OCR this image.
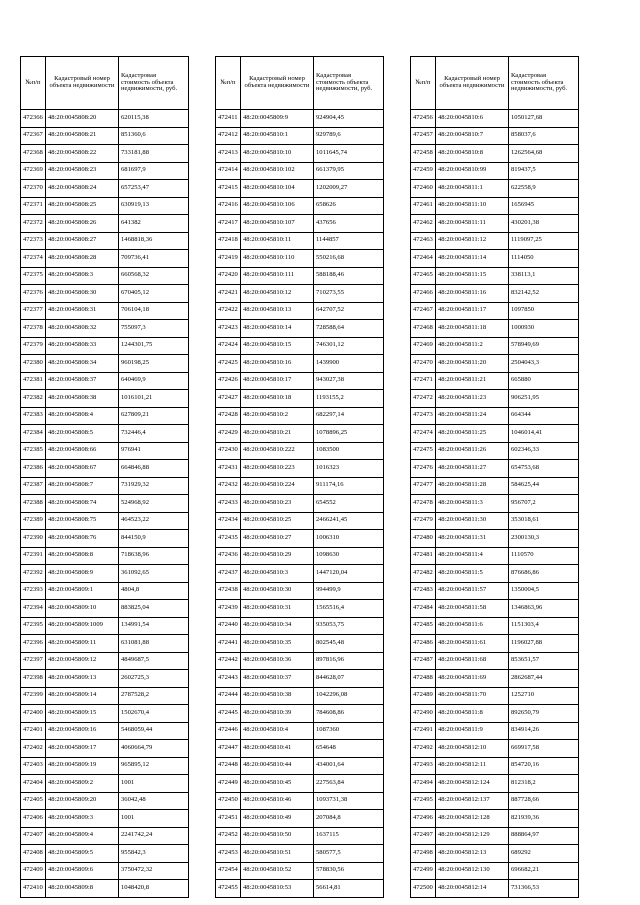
№п/п	Кадастровый номер объекта недвижимости	Кадастровая стоимость объекта недвижимости, руб.
472366	48:20:0045808:20	620115,38
472367	48:20:0045808:21	851360,6
472368	48:20:0045808:22	733181,88
472369	48:20:0045808:23	681697,9
472370	48:20:0045808:24	657253,47
472371	48:20:0045808:25	630919,13
472372	48:20:0045808:26	641382
472373	48:20:0045808:27	1468818,36
472374	48:20:0045808:28	709736,41
472375	48:20:0045808:3	660568,32
472376	48:20:0045808:30	670405,12
472377	48:20:0045808:31	706104,18
472378	48:20:0045808:32	755097,3
472379	48:20:0045808:33	1244301,75
472380	48:20:0045808:34	960198,25
472381	48:20:0045808:37	640469,9
472382	48:20:0045808:38	1016101,21
472383	48:20:0045808:4	627809,21
472384	48:20:0045808:5	732446,4
472385	48:20:0045808:66	976941
472386	48:20:0045808:67	664846,88
472387	48:20:0045808:7	731929,32
472388	48:20:0045808:74	524968,92
472389	48:20:0045808:75	464523,22
472390	48:20:0045808:76	844150,9
472391	48:20:0045808:8	718638,96
472392	48:20:0045808:9	361092,65
472393	48:20:0045809:1	4804,8
472394	48:20:0045809:10	883825,04
472395	48:20:0045809:1009	134991,54
472396	48:20:0045809:11	631081,88
472397	48:20:0045809:12	4849687,5
472398	48:20:0045809:13	2602725,3
472399	48:20:0045809:14	2787528,2
472400	48:20:0045809:15	1502670,4
472401	48:20:0045809:16	5468059,44
472402	48:20:0045809:17	4060664,79
472403	48:20:0045809:19	965895,12
472404	48:20:0045809:2	1001
472405	48:20:0045809:20	36042,48
472406	48:20:0045809:3	1001
472407	48:20:0045809:4	2241742,24
472408	48:20:0045809:5	955842,3
472409	48:20:0045809:6	3750472,32
472410	48:20:0045809:8	1048420,8
№п/п	Кадастровый номер объекта недвижимости	Кадастровая стоимость объекта недвижимости, руб.
472411	48:20:0045809:9	924904,45
472412	48:20:0045810:1	929789,6
472413	48:20:0045810:10	1011645,74
472414	48:20:0045810:102	661379,95
472415	48:20:0045810:104	1202009,27
472416	48:20:0045810:106	658626
472417	48:20:0045810:107	437656
472418	48:20:0045810:11	1144857
472419	48:20:0045810:110	550216,68
472420	48:20:0045810:111	588188,46
472421	48:20:0045810:12	710273,55
472422	48:20:0045810:13	642707,52
472423	48:20:0045810:14	728588,64
472424	48:20:0045810:15	746301,12
472425	48:20:0045810:16	1439900
472426	48:20:0045810:17	943027,38
472427	48:20:0045810:18	1193155,2
472428	48:20:0045810:2	682297,14
472429	48:20:0045810:21	1078896,25
472430	48:20:0045810:222	1083500
472431	48:20:0045810:223	1016323
472432	48:20:0045810:224	911174,16
472433	48:20:0045810:23	654552
472434	48:20:0045810:25	2466241,45
472435	48:20:0045810:27	1006310
472436	48:20:0045810:29	1098630
472437	48:20:0045810:3	1447120,04
472438	48:20:0045810:30	994499,9
472439	48:20:0045810:31	1565516,4
472440	48:20:0045810:34	935053,75
472441	48:20:0045810:35	802545,48
472442	48:20:0045810:36	897816,96
472443	48:20:0045810:37	844628,07
472444	48:20:0045810:38	1042296,08
472445	48:20:0045810:39	784608,86
472446	48:20:0045810:4	1087360
472447	48:20:0045810:41	654648
472448	48:20:0045810:44	434001,64
472449	48:20:0045810:45	227563,84
472450	48:20:0045810:46	1093731,38
472451	48:20:0045810:49	207084,8
472452	48:20:0045810:50	1637115
472453	48:20:0045810:51	580577,5
472454	48:20:0045810:52	578830,56
472455	48:20:0045810:53	56614,81
№п/п	Кадастровый номер объекта недвижимости	Кадастровая стоимость объекта недвижимости, руб.
472456	48:20:0045810:6	1050127,68
472457	48:20:0045810:7	858037,6
472458	48:20:0045810:8	1262564,68
472459	48:20:0045810:99	819437,5
472460	48:20:0045811:1	622558,9
472461	48:20:0045811:10	1656945
472462	48:20:0045811:11	430201,38
472463	48:20:0045811:12	1119097,25
472464	48:20:0045811:14	1114050
472465	48:20:0045811:15	338113,1
472466	48:20:0045811:16	832142,52
472467	48:20:0045811:17	1097850
472468	48:20:0045811:18	1000930
472469	48:20:0045811:2	578949,69
472470	48:20:0045811:20	2504043,3
472471	48:20:0045811:21	665880
472472	48:20:0045811:23	906251,95
472473	48:20:0045811:24	664344
472474	48:20:0045811:25	1046014,41
472475	48:20:0045811:26	602346,33
472476	48:20:0045811:27	654753,68
472477	48:20:0045811:28	584625,44
472478	48:20:0045811:3	956707,2
472479	48:20:0045811:30	353018,61
472480	48:20:0045811:31	2300130,3
472481	48:20:0045811:4	1110570
472482	48:20:0045811:5	876686,86
472483	48:20:0045811:57	1350004,5
472484	48:20:0045811:58	1346863,96
472485	48:20:0045811:6	1151303,4
472486	48:20:0045811:61	1196027,88
472487	48:20:0045811:68	853651,57
472488	48:20:0045811:69	2862687,44
472489	48:20:0045811:70	1252710
472490	48:20:0045811:8	892650,79
472491	48:20:0045811:9	834914,26
472492	48:20:0045812:10	669917,58
472493	48:20:0045812:11	854720,16
472494	48:20:0045812:124	812318,2
472495	48:20:0045812:137	887728,66
472496	48:20:0045812:128	821939,36
472497	48:20:0045812:129	888864,97
472498	48:20:0045812:13	689292
472499	48:20:0045812:130	696682,21
472500	48:20:0045812:14	731366,53
